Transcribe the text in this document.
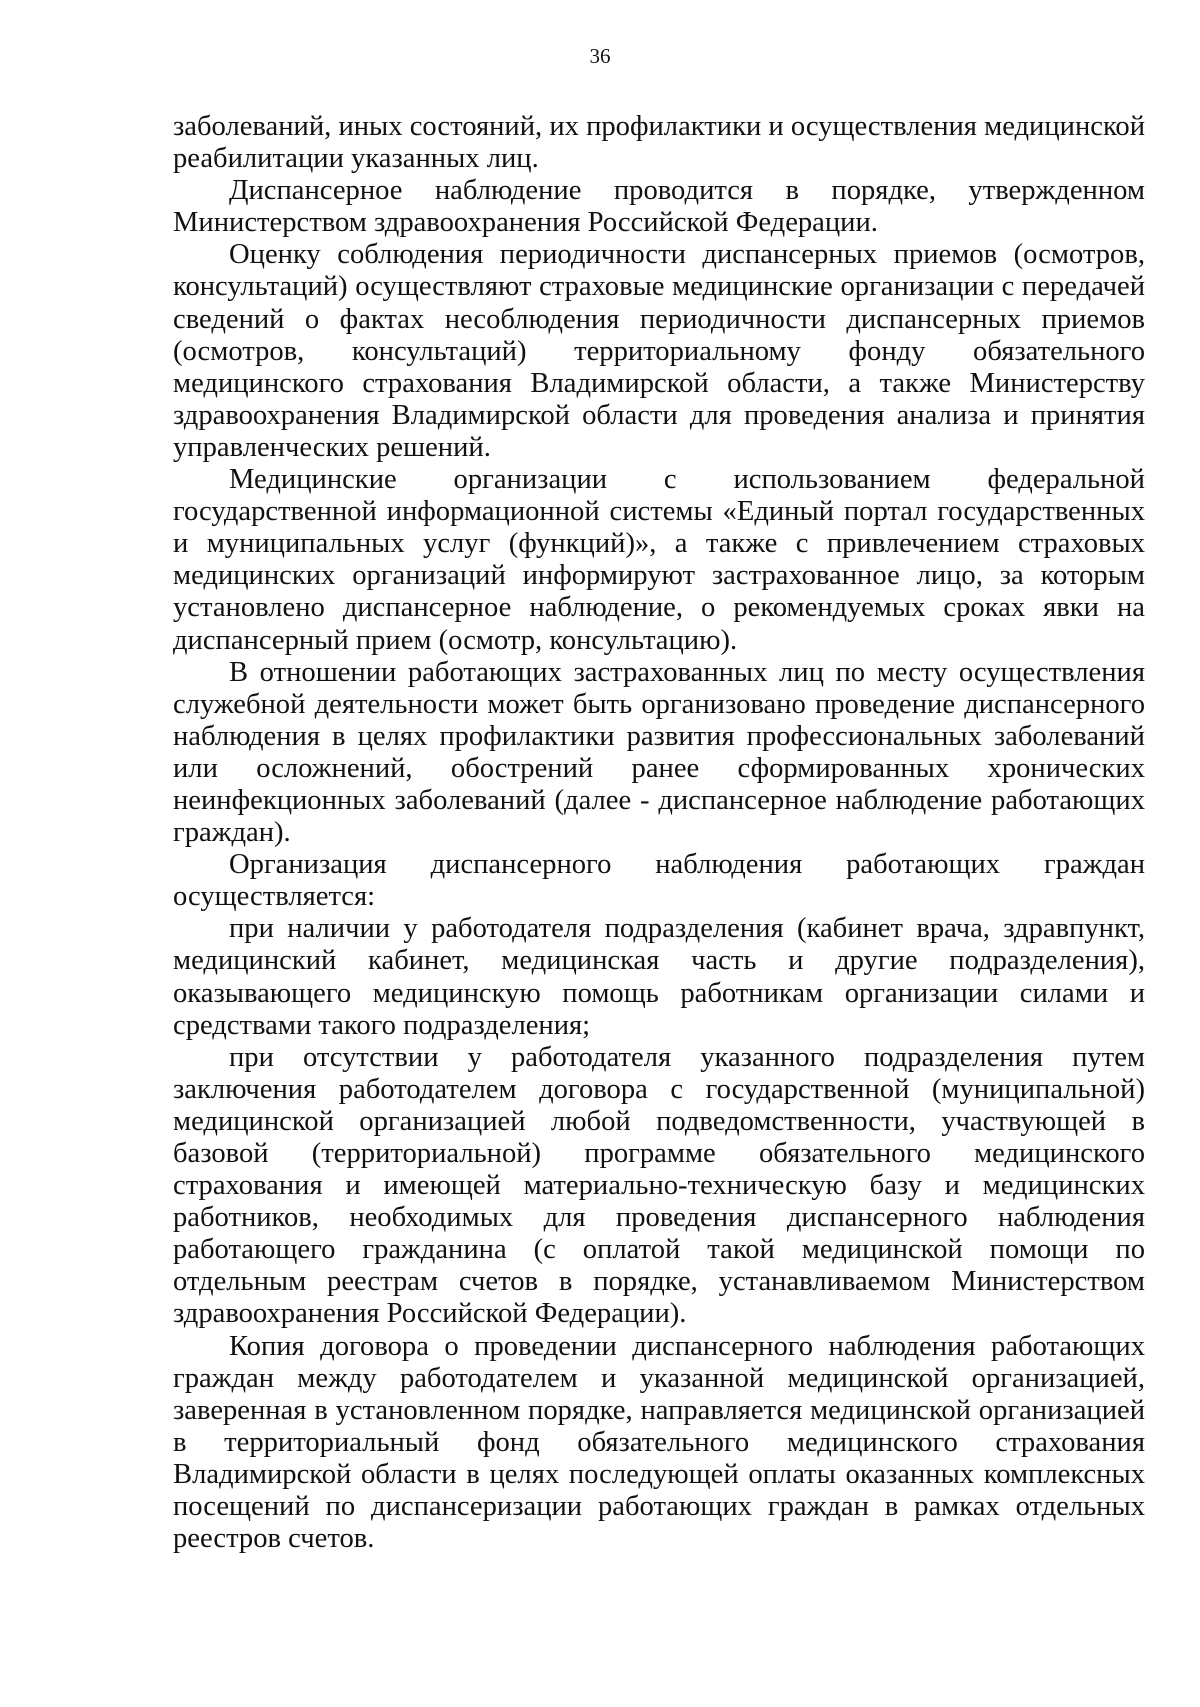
36

заболеваний, иных состояний, их профилактики и осуществления медицинской реабилитации указанных лиц.

Диспансерное наблюдение проводится в порядке, утвержденном Министерством здравоохранения Российской Федерации.

Оценку соблюдения периодичности диспансерных приемов (осмотров, консультаций) осуществляют страховые медицинские организации с передачей сведений о фактах несоблюдения периодичности диспансерных приемов (осмотров, консультаций) территориальному фонду обязательного медицинского страхования Владимирской области, а также Министерству здравоохранения Владимирской области для проведения анализа и принятия управленческих решений.

Медицинские организации с использованием федеральной государственной информационной системы «Единый портал государственных и муниципальных услуг (функций)», а также с привлечением страховых медицинских организаций информируют застрахованное лицо, за которым установлено диспансерное наблюдение, о рекомендуемых сроках явки на диспансерный прием (осмотр, консультацию).

В отношении работающих застрахованных лиц по месту осуществления служебной деятельности может быть организовано проведение диспансерного наблюдения в целях профилактики развития профессиональных заболеваний или осложнений, обострений ранее сформированных хронических неинфекционных заболеваний (далее - диспансерное наблюдение работающих граждан).

Организация диспансерного наблюдения работающих граждан осуществляется:

при наличии у работодателя подразделения (кабинет врача, здравпункт, медицинский кабинет, медицинская часть и другие подразделения), оказывающего медицинскую помощь работникам организации силами и средствами такого подразделения;

при отсутствии у работодателя указанного подразделения путем заключения работодателем договора с государственной (муниципальной) медицинской организацией любой подведомственности, участвующей в базовой (территориальной) программе обязательного медицинского страхования и имеющей материально-техническую базу и медицинских работников, необходимых для проведения диспансерного наблюдения работающего гражданина (с оплатой такой медицинской помощи по отдельным реестрам счетов в порядке, устанавливаемом Министерством здравоохранения Российской Федерации).

Копия договора о проведении диспансерного наблюдения работающих граждан между работодателем и указанной медицинской организацией, заверенная в установленном порядке, направляется медицинской организацией в территориальный фонд обязательного медицинского страхования Владимирской области в целях последующей оплаты оказанных комплексных посещений по диспансеризации работающих граждан в рамках отдельных реестров счетов.
